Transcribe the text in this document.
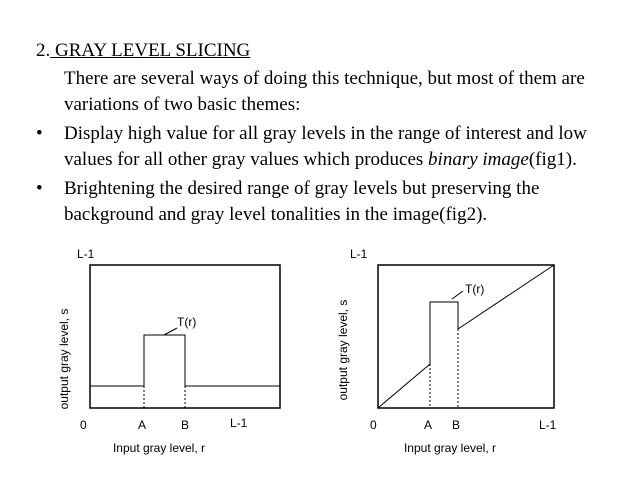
2. GRAY LEVEL SLICING
There are several ways of doing this technique, but most of them are
variations of two basic themes:
• Display high value for all gray levels in the range of interest and low
values for all other gray values which produces binary image(fig1).
• Brightening the desired range of gray levels but preserving the
background and gray level tonalities in the image(fig2).
T(r)
L-1
output gray level, s
0	A	B	L-1
Input gray level, r
T(r)
L-1
output gray level, s
0	A B	L-1
Input gray level, r
